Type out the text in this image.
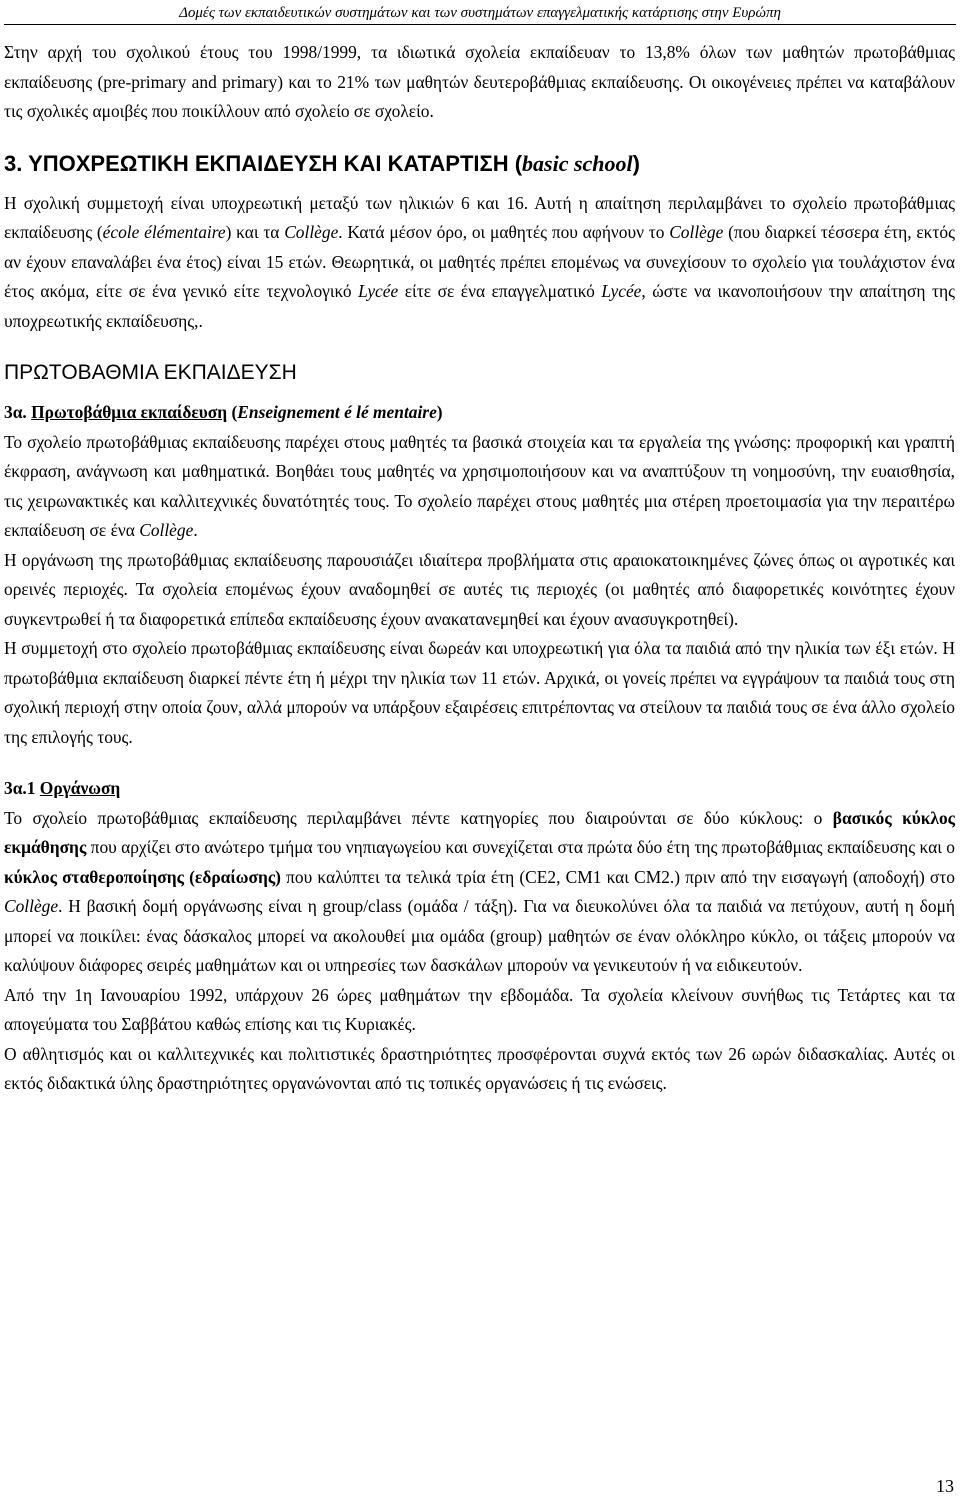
Δομές των εκπαιδευτικών συστημάτων και των συστημάτων επαγγελματικής κατάρτισης στην Ευρώπη

Στην αρχή του σχολικού έτους του 1998/1999, τα ιδιωτικά σχολεία εκπαίδευαν το 13,8% όλων των μαθητών πρωτοβάθμιας εκπαίδευσης (pre-primary and primary) και το 21% των μαθητών δευτεροβάθμιας εκπαίδευσης. Οι οικογένειες πρέπει να καταβάλουν τις σχολικές αμοιβές που ποικίλλουν από σχολείο σε σχολείο.

3. ΥΠΟΧΡΕΩΤΙΚΗ ΕΚΠΑΙΔΕΥΣΗ ΚΑΙ ΚΑΤΑΡΤΙΣΗ (basic school)

Η σχολική συμμετοχή είναι υποχρεωτική μεταξύ των ηλικιών 6 και 16. Αυτή η απαίτηση περιλαμβάνει το σχολείο πρωτοβάθμιας εκπαίδευσης (école élémentaire) και τα Collège. Κατά μέσον όρο, οι μαθητές που αφήνουν το Collège (που διαρκεί τέσσερα έτη, εκτός αν έχουν επαναλάβει ένα έτος) είναι 15 ετών. Θεωρητικά, οι μαθητές πρέπει επομένως να συνεχίσουν το σχολείο για τουλάχιστον ένα έτος ακόμα, είτε σε ένα γενικό είτε τεχνολογικό Lycée είτε σε ένα επαγγελματικό Lycée, ώστε να ικανοποιήσουν την απαίτηση της υποχρεωτικής εκπαίδευσης,.

ΠΡΩΤΟΒΑΘΜΙΑ ΕΚΠΑΙΔΕΥΣΗ

3α. Πρωτοβάθμια εκπαίδευση (Enseignement é lé mentaire)

Το σχολείο πρωτοβάθμιας εκπαίδευσης παρέχει στους μαθητές τα βασικά στοιχεία και τα εργαλεία της γνώσης: προφορική και γραπτή έκφραση, ανάγνωση και μαθηματικά. Βοηθάει τους μαθητές να χρησιμοποιήσουν και να αναπτύξουν τη νοημοσύνη, την ευαισθησία, τις χειρωνακτικές και καλλιτεχνικές δυνατότητές τους. Το σχολείο παρέχει στους μαθητές μια στέρεη προετοιμασία για την περαιτέρω εκπαίδευση σε ένα Collège.

Η οργάνωση της πρωτοβάθμιας εκπαίδευσης παρουσιάζει ιδιαίτερα προβλήματα στις αραιοκατοικημένες ζώνες όπως οι αγροτικές και ορεινές περιοχές. Τα σχολεία επομένως έχουν αναδομηθεί σε αυτές τις περιοχές (οι μαθητές από διαφορετικές κοινότητες έχουν συγκεντρωθεί ή τα διαφορετικά επίπεδα εκπαίδευσης έχουν ανακατανεμηθεί και έχουν ανασυγκροτηθεί).

Η συμμετοχή στο σχολείο πρωτοβάθμιας εκπαίδευσης είναι δωρεάν και υποχρεωτική για όλα τα παιδιά από την ηλικία των έξι ετών. Η πρωτοβάθμια εκπαίδευση διαρκεί πέντε έτη ή μέχρι την ηλικία των 11 ετών. Αρχικά, οι γονείς πρέπει να εγγράψουν τα παιδιά τους στη σχολική περιοχή στην οποία ζουν, αλλά μπορούν να υπάρξουν εξαιρέσεις επιτρέποντας να στείλουν τα παιδιά τους σε ένα άλλο σχολείο της επιλογής τους.

3α.1 Οργάνωση

Το σχολείο πρωτοβάθμιας εκπαίδευσης περιλαμβάνει πέντε κατηγορίες που διαιρούνται σε δύο κύκλους: ο βασικός κύκλος εκμάθησης που αρχίζει στο ανώτερο τμήμα του νηπιαγωγείου και συνεχίζεται στα πρώτα δύο έτη της πρωτοβάθμιας εκπαίδευσης και ο κύκλος σταθεροποίησης (εδραίωσης) που καλύπτει τα τελικά τρία έτη (CE2, CM1 και CM2.) πριν από την εισαγωγή (αποδοχή) στο Collège. Η βασική δομή οργάνωσης είναι η group/class (ομάδα / τάξη). Για να διευκολύνει όλα τα παιδιά να πετύχουν, αυτή η δομή μπορεί να ποικίλει: ένας δάσκαλος μπορεί να ακολουθεί μια ομάδα (group) μαθητών σε έναν ολόκληρο κύκλο, οι τάξεις μπορούν να καλύψουν διάφορες σειρές μαθημάτων και οι υπηρεσίες των δασκάλων μπορούν να γενικευτούν ή να ειδικευτούν.

Από την 1η Ιανουαρίου 1992, υπάρχουν 26 ώρες μαθημάτων την εβδομάδα. Τα σχολεία κλείνουν συνήθως τις Τετάρτες και τα απογεύματα του Σαββάτου καθώς επίσης και τις Κυριακές.

Ο αθλητισμός και οι καλλιτεχνικές και πολιτιστικές δραστηριότητες προσφέρονται συχνά εκτός των 26 ωρών διδασκαλίας. Αυτές οι εκτός διδακτικά ύλης δραστηριότητες οργανώνονται από τις τοπικές οργανώσεις ή τις ενώσεις.

13
